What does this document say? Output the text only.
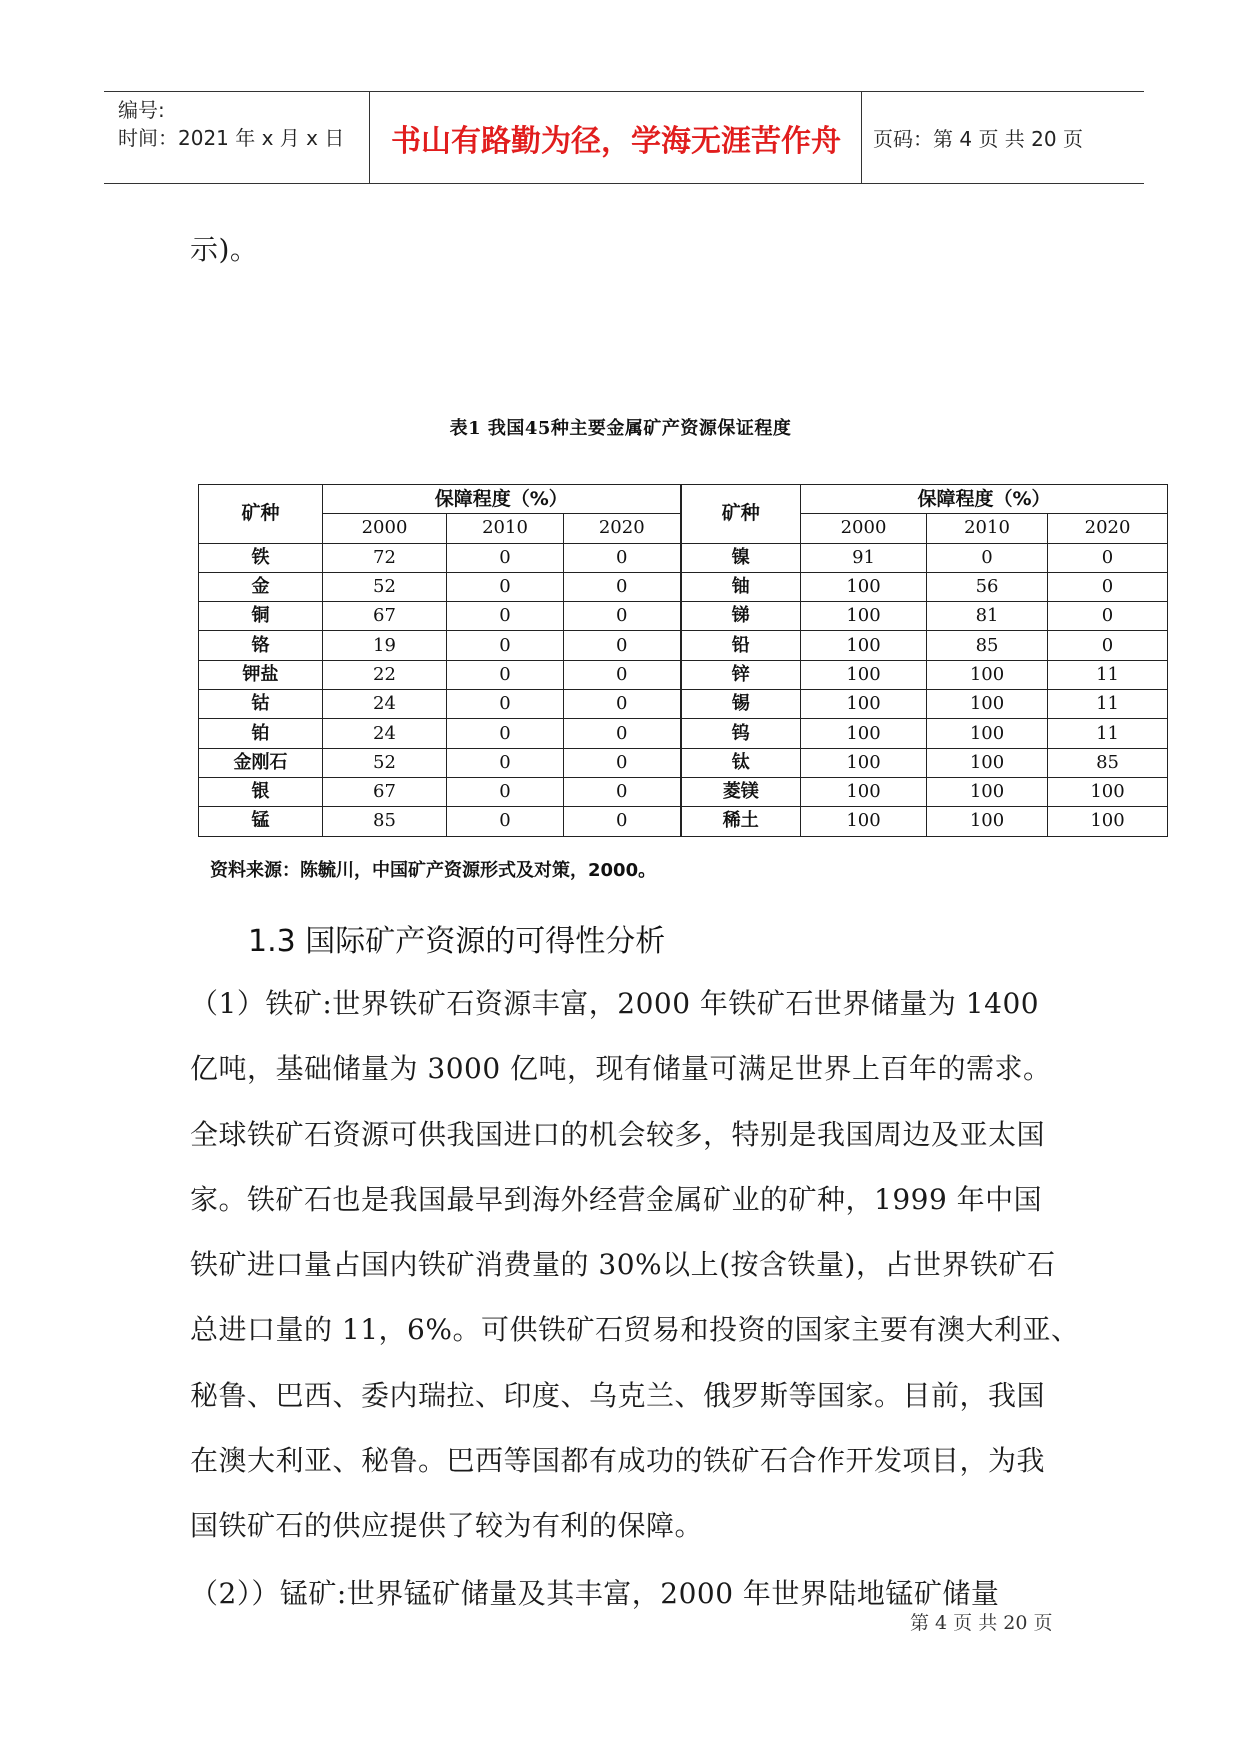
编号:
时间：2021 年 x 月 x 日	书山有路勤为径，学海无涯苦作舟	页码：第 4 页 共 20 页
示)。
表1 我国45种主要金属矿产资源保证程度
矿种	保障程度（%）			矿种	保障程度（%）		
	2000	2010	2020		2000	2010	2020
铁	72	0	0	镍	91	0	0
金	52	0	0	铀	100	56	0
铜	67	0	0	锑	100	81	0
铬	19	0	0	铅	100	85	0
钾盐	22	0	0	锌	100	100	11
钴	24	0	0	锡	100	100	11
铂	24	0	0	钨	100	100	11
金刚石	52	0	0	钛	100	100	85
银	67	0	0	菱镁	100	100	100
锰	85	0	0	稀土	100	100	100
资料来源：陈毓川，中国矿产资源形式及对策，2000。
1.3 国际矿产资源的可得性分析
（1）铁矿:世界铁矿石资源丰富，2000 年铁矿石世界储量为 1400
亿吨，基础储量为 3000 亿吨，现有储量可满足世界上百年的需求。
全球铁矿石资源可供我国进口的机会较多，特别是我国周边及亚太国
家。铁矿石也是我国最早到海外经营金属矿业的矿种，1999 年中国
铁矿进口量占国内铁矿消费量的 30%以上(按含铁量)，占世界铁矿石
总进口量的 11，6%。可供铁矿石贸易和投资的国家主要有澳大利亚、
秘鲁、巴西、委内瑞拉、印度、乌克兰、俄罗斯等国家。目前，我国
在澳大利亚、秘鲁。巴西等国都有成功的铁矿石合作开发项目，为我
国铁矿石的供应提供了较为有利的保障。
（2））锰矿:世界锰矿储量及其丰富，2000 年世界陆地锰矿储量
第 4 页 共 20 页
